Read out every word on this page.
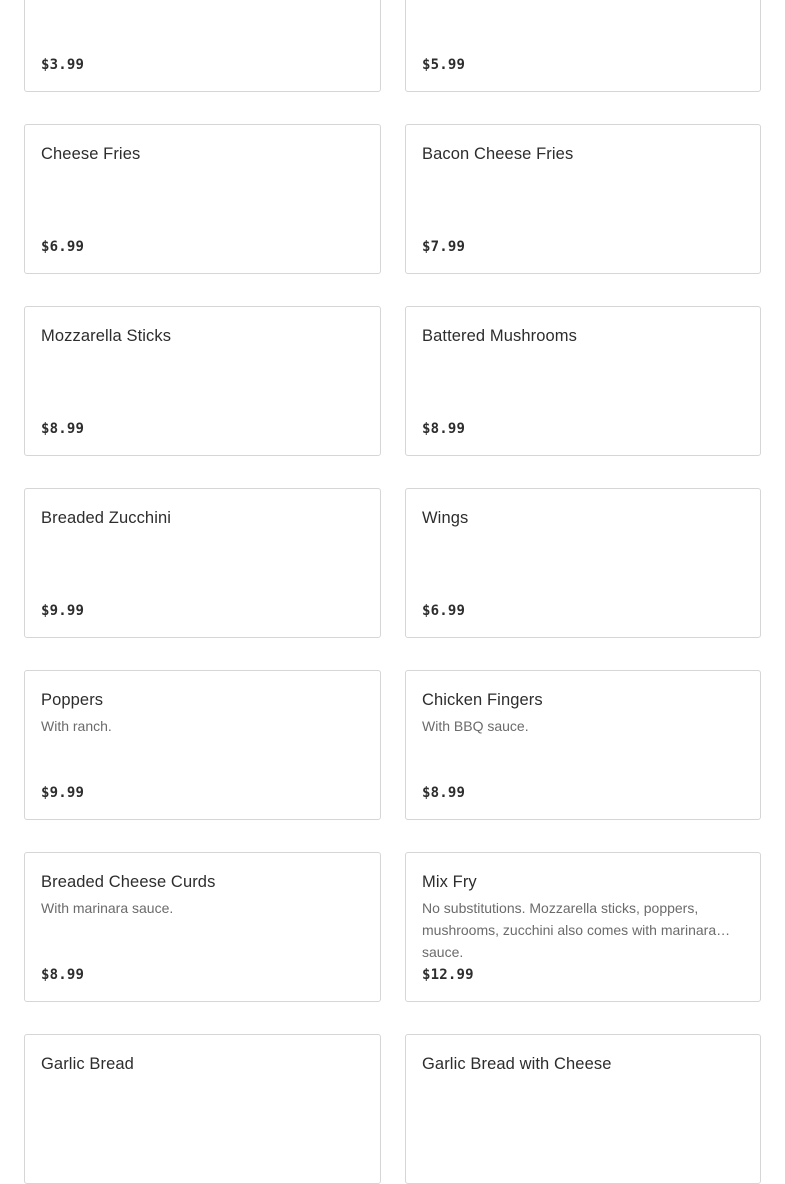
$3.99	$5.99
Cheese Fries
$6.99
Bacon Cheese Fries
$7.99
Mozzarella Sticks
$8.99
Battered Mushrooms
$8.99
Breaded Zucchini
$9.99
Wings
$6.99
Poppers
With ranch.
$9.99
Chicken Fingers
With BBQ sauce.
$8.99
Breaded Cheese Curds
With marinara sauce.
$8.99
Mix Fry
No substitutions. Mozzarella sticks, poppers, mushrooms, zucchini also comes with marinara sauce.
$12.99
Garlic Bread	Garlic Bread with Cheese
